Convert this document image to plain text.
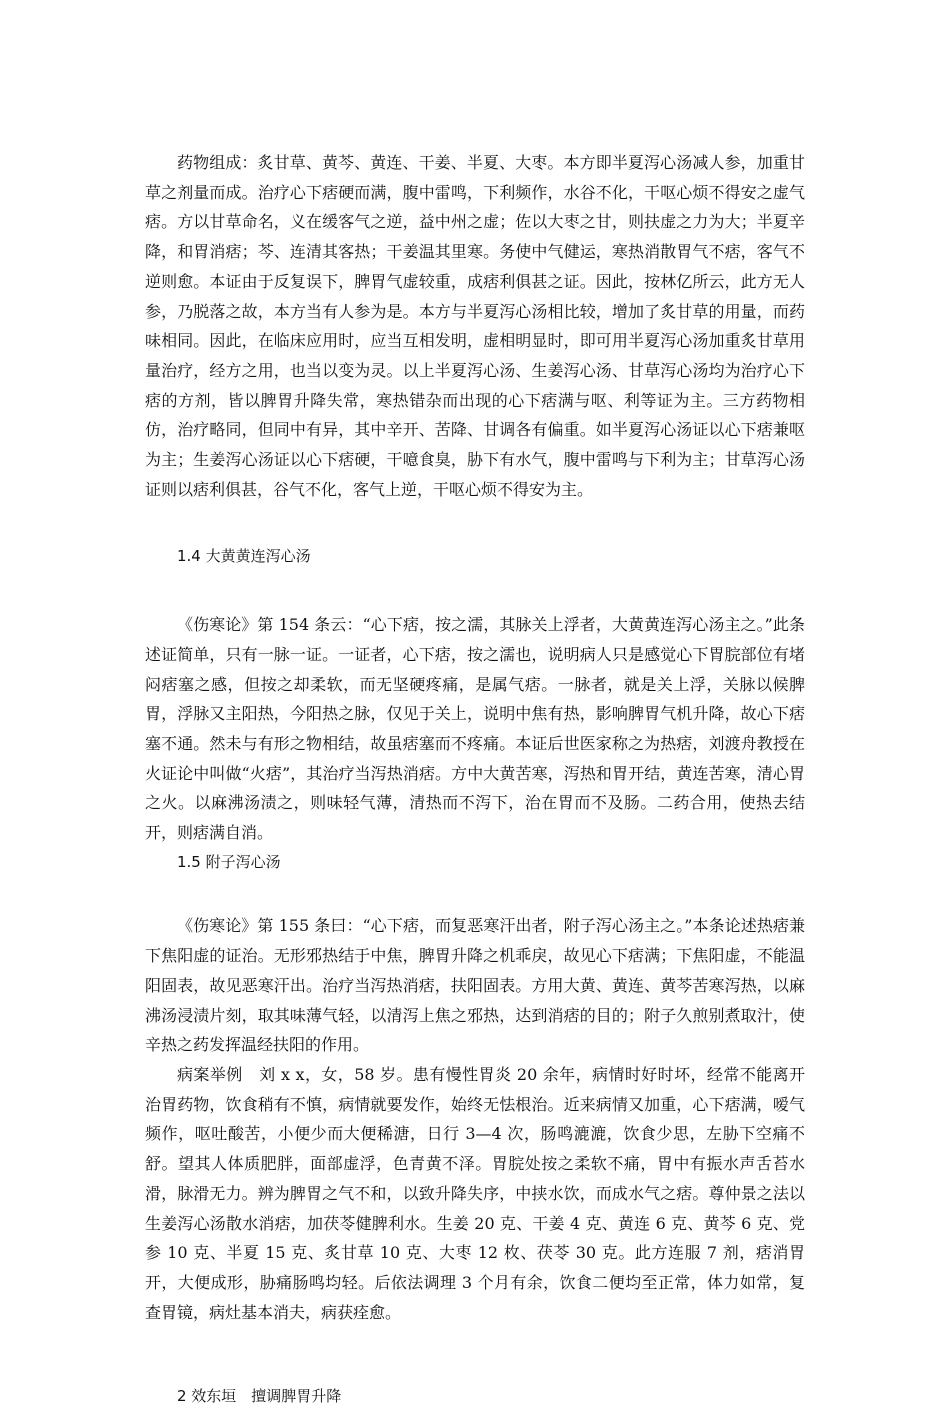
药物组成：炙甘草、黄芩、黄连、干姜、半夏、大枣。本方即半夏泻心汤减人参，加重甘草之剂量而成。治疗心下痞硬而满，腹中雷鸣，下利频作，水谷不化，干呕心烦不得安之虚气痞。方以甘草命名，义在缓客气之逆，益中州之虚；佐以大枣之甘，则扶虚之力为大；半夏辛降，和胃消痞；芩、连清其客热；干姜温其里寒。务使中气健运，寒热消散胃气不痞，客气不逆则愈。本证由于反复误下，脾胃气虚较重，成痞利俱甚之证。因此，按林亿所云，此方无人参，乃脱落之故，本方当有人参为是。本方与半夏泻心汤相比较，增加了炙甘草的用量，而药味相同。因此，在临床应用时，应当互相发明，虚相明显时，即可用半夏泻心汤加重炙甘草用量治疗，经方之用，也当以变为灵。以上半夏泻心汤、生姜泻心汤、甘草泻心汤均为治疗心下痞的方剂，皆以脾胃升降失常，寒热错杂而出现的心下痞满与呕、利等证为主。三方药物相仿，治疗略同，但同中有异，其中辛开、苦降、甘调各有偏重。如半夏泻心汤证以心下痞兼呕为主；生姜泻心汤证以心下痞硬，干噫食臭，胁下有水气，腹中雷鸣与下利为主；甘草泻心汤证则以痞利俱甚，谷气不化，客气上逆，干呕心烦不得安为主。

1.4 大黄黄连泻心汤

《伤寒论》第 154 条云：“心下痞，按之濡，其脉关上浮者，大黄黄连泻心汤主之。”此条述证简单，只有一脉一证。一证者，心下痞，按之濡也，说明病人只是感觉心下胃脘部位有堵闷痞塞之感，但按之却柔软，而无坚硬疼痛，是属气痞。一脉者，就是关上浮，关脉以候脾胃，浮脉又主阳热，今阳热之脉，仅见于关上，说明中焦有热，影响脾胃气机升降，故心下痞塞不通。然未与有形之物相结，故虽痞塞而不疼痛。本证后世医家称之为热痞，刘渡舟教授在火证论中叫做“火痞”，其治疗当泻热消痞。方中大黄苦寒，泻热和胃开结，黄连苦寒，清心胃之火。以麻沸汤渍之，则味轻气薄，清热而不泻下，治在胃而不及肠。二药合用，使热去结开，则痞满自消。

1.5 附子泻心汤

《伤寒论》第 155 条曰：“心下痞，而复恶寒汗出者，附子泻心汤主之。”本条论述热痞兼下焦阳虚的证治。无形邪热结于中焦，脾胃升降之机乖戾，故见心下痞满；下焦阳虚，不能温阳固表，故见恶寒汗出。治疗当泻热消痞，扶阳固表。方用大黄、黄连、黄芩苦寒泻热，以麻沸汤浸渍片刻，取其味薄气轻，以清泻上焦之邪热，达到消痞的目的；附子久煎别煮取汁，使辛热之药发挥温经扶阳的作用。

病案举例　刘 x x，女，58 岁。患有慢性胃炎 20 余年，病情时好时坏，经常不能离开治胃药物，饮食稍有不慎，病情就要发作，始终无怯根治。近来病情又加重，心下痞满，嗳气频作，呕吐酸苦，小便少而大便稀溏，日行 3—4 次，肠鸣漉漉，饮食少思，左胁下空痛不舒。望其人体质肥胖，面部虚浮，色青黄不泽。胃脘处按之柔软不痛，胃中有振水声舌苔水滑，脉滑无力。辨为脾胃之气不和，以致升降失序，中挟水饮，而成水气之痞。尊仲景之法以生姜泻心汤散水消痞，加茯苓健脾利水。生姜 20 克、干姜 4 克、黄连 6 克、黄芩 6 克、党参 10 克、半夏 15 克、炙甘草 10 克、大枣 12 枚、茯苓 30 克。此方连服 7 剂，痞消胃开，大便成形，胁痛肠鸣均轻。后依法调理 3 个月有余，饮食二便均至正常，体力如常，复查胃镜，病灶基本消夫，病获痊愈。

2 效东垣　擅调脾胃升降
